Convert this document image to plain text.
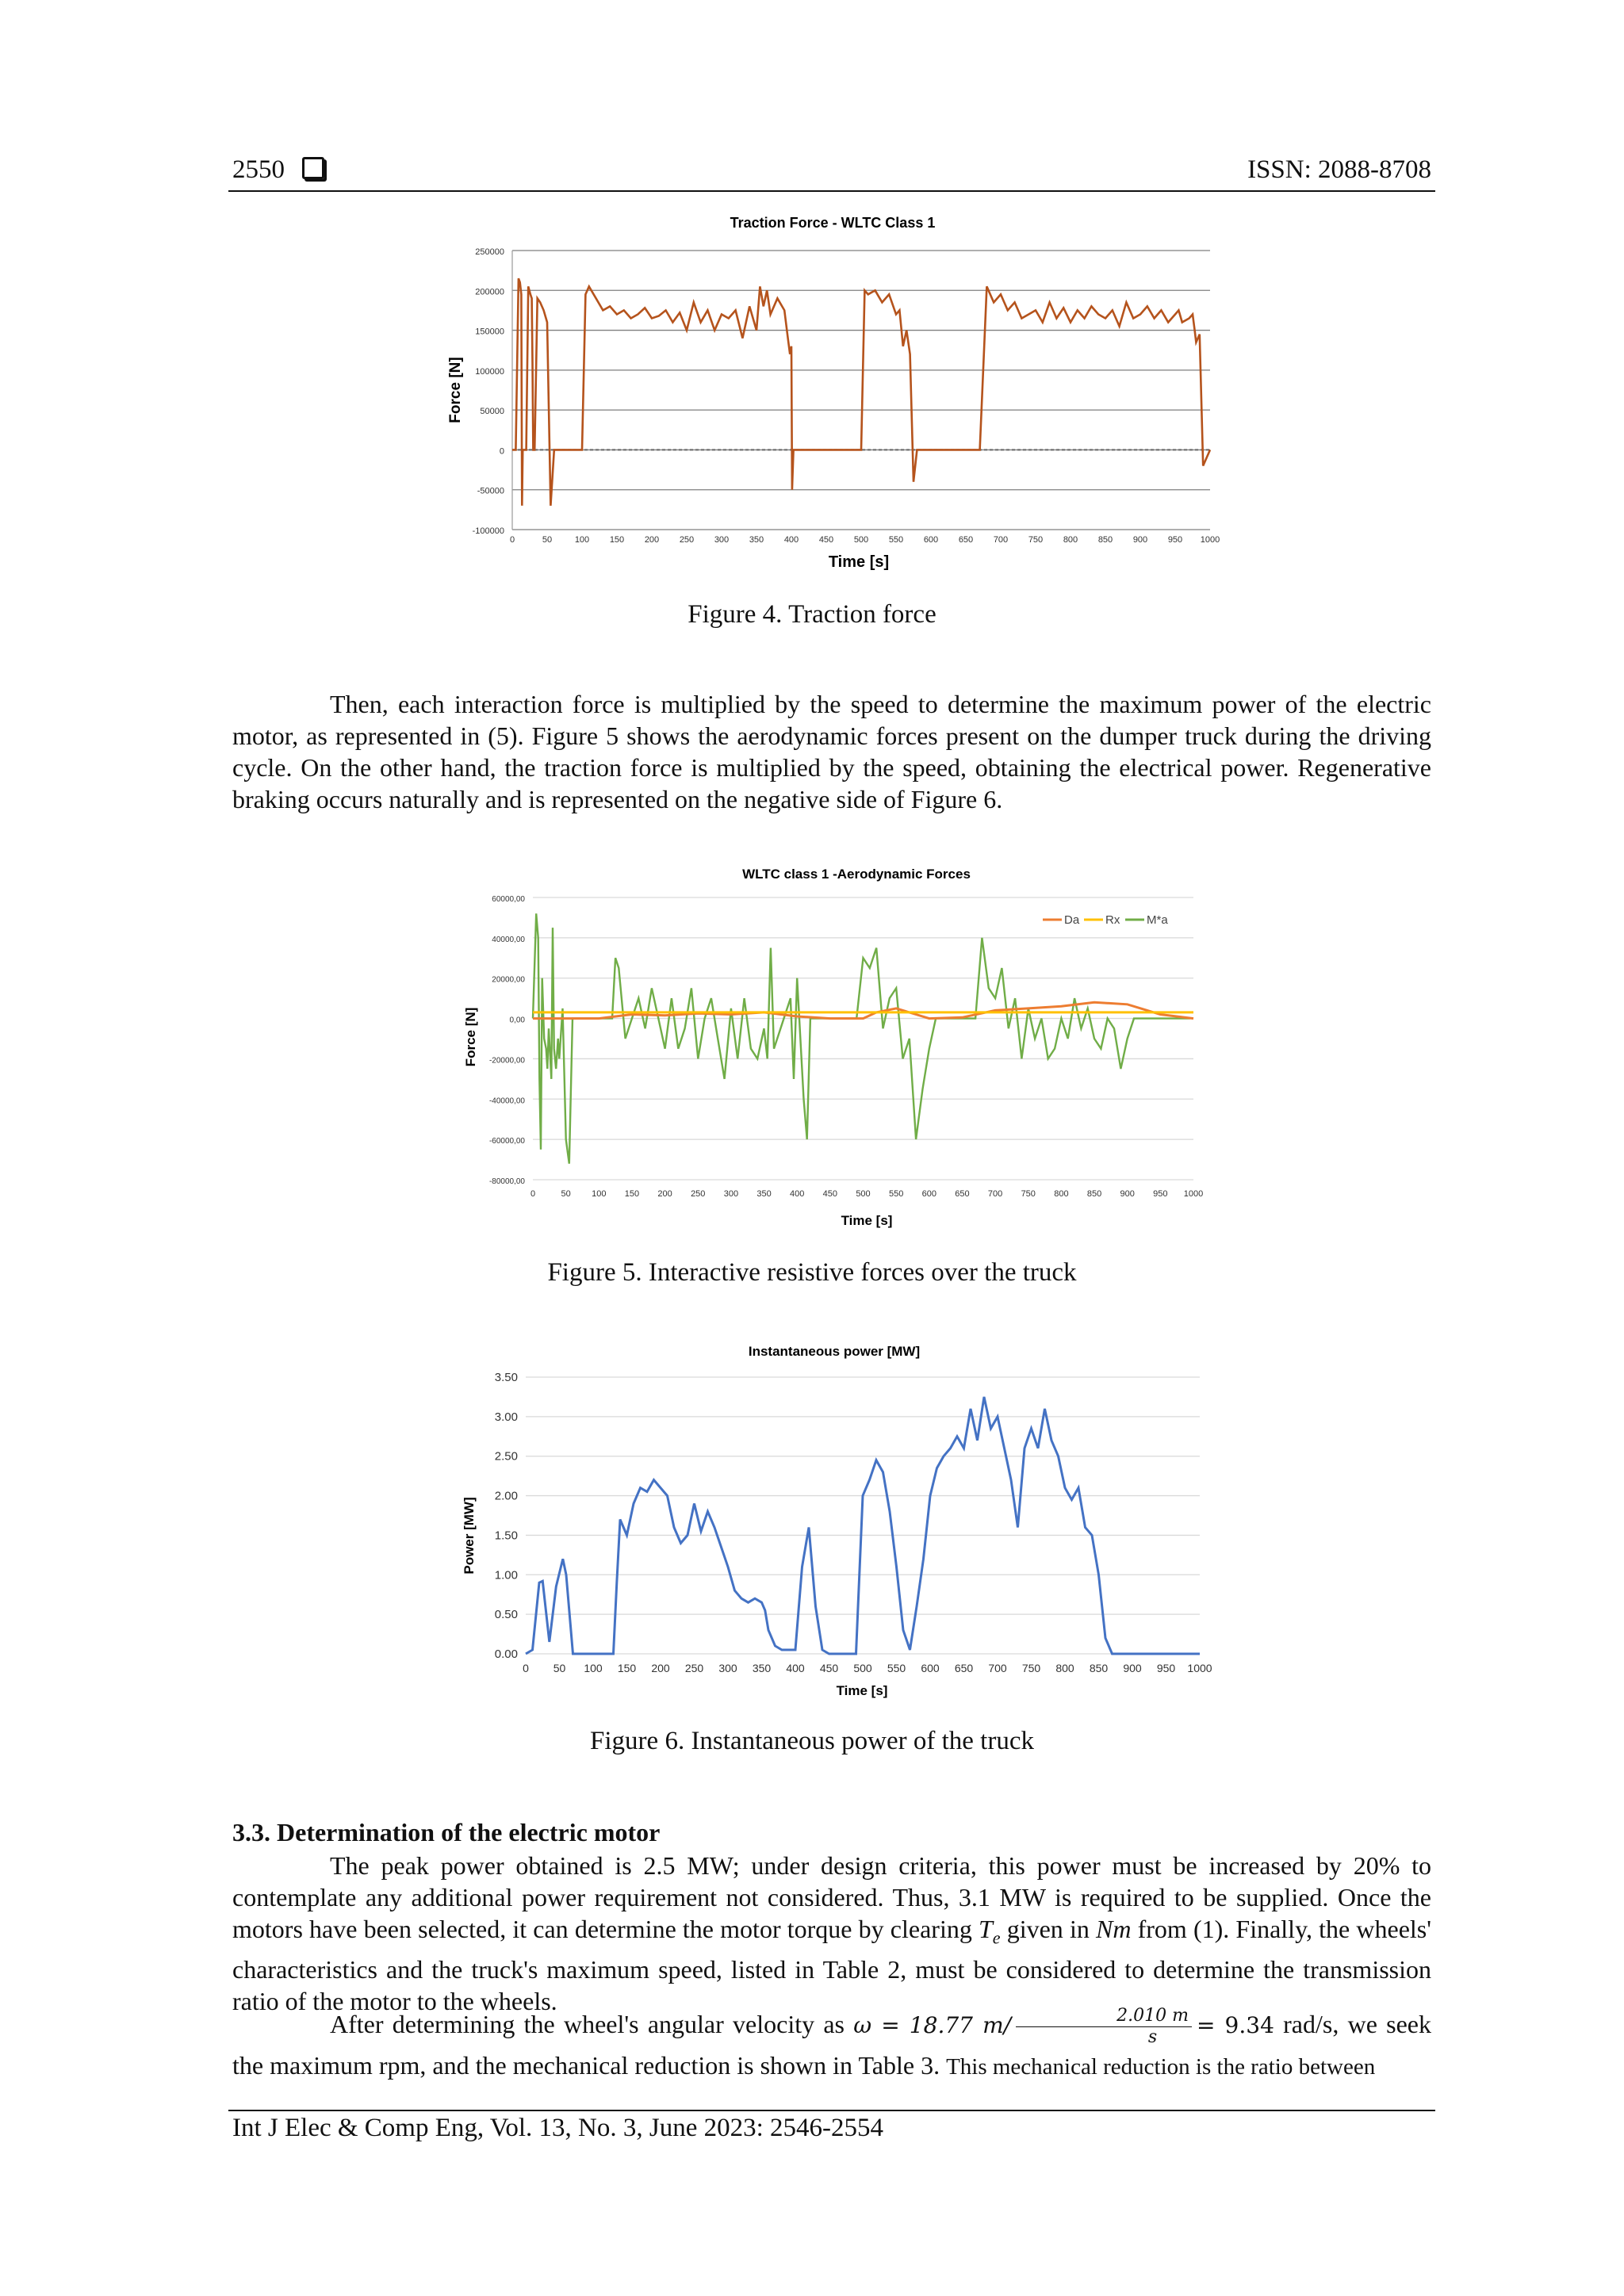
2550	ISSN: 2088-8708
Traction Force - WLTC Class 1
250000
200000
150000
100000
50000
0
-50000
-100000
0	50	100 150 200 250 300 350 400 450 500 550 600 650 700 750 800 850 900 950 1000
Force [N]
Time [s]
Figure 4. Traction force
Then, each interaction force is multiplied by the speed to determine the maximum power of the electric motor, as represented in (5). Figure 5 shows the aerodynamic forces present on the dumper truck during the driving cycle. On the other hand, the traction force is multiplied by the speed, obtaining the electrical power. Regenerative braking occurs naturally and is represented on the negative side of Figure 6.
WLTC class 1 -Aerodynamic Forces
60000,00
40000,00
20000,00
0,00
-20000,00
-40000,00
-60000,00
-80000,00
0	50 100 150 200 250 300 350 400 450 500 550 600 650 700 750 800 850 900 950 1000
Force [N]
Time [s]
Da Rx M*a
Figure 5. Interactive resistive forces over the truck
Instantaneous power [MW]
3.50
3.00
2.50
2.00
1.50
1.00
0.50
0.00
0 50 100 150 200 250 300 350 400 450 500 550 600 650 700 750 800 850 900 950 1000
Power [MW]
Time [s]
Figure 6. Instantaneous power of the truck
3.3. Determination of the electric motor
The peak power obtained is 2.5 MW; under design criteria, this power must be increased by 20% to contemplate any additional power requirement not considered. Thus, 3.1 MW is required to be supplied. Once the motors have been selected, it can determine the motor torque by clearing $T_e$ given in Nm from (1). Finally, the wheels' characteristics and the truck's maximum speed, listed in Table 2, must be considered to determine the transmission ratio of the motor to the wheels.
After determining the wheel's angular velocity as ω = 18.77 $m/ \frac{2.010 m}{s} = 9.34$ rad/s, we seek the maximum rpm, and the mechanical reduction is shown in Table 3. This mechanical reduction is the ratio between
Int J Elec & Comp Eng, Vol. 13, No. 3, June 2023: 2546-2554
